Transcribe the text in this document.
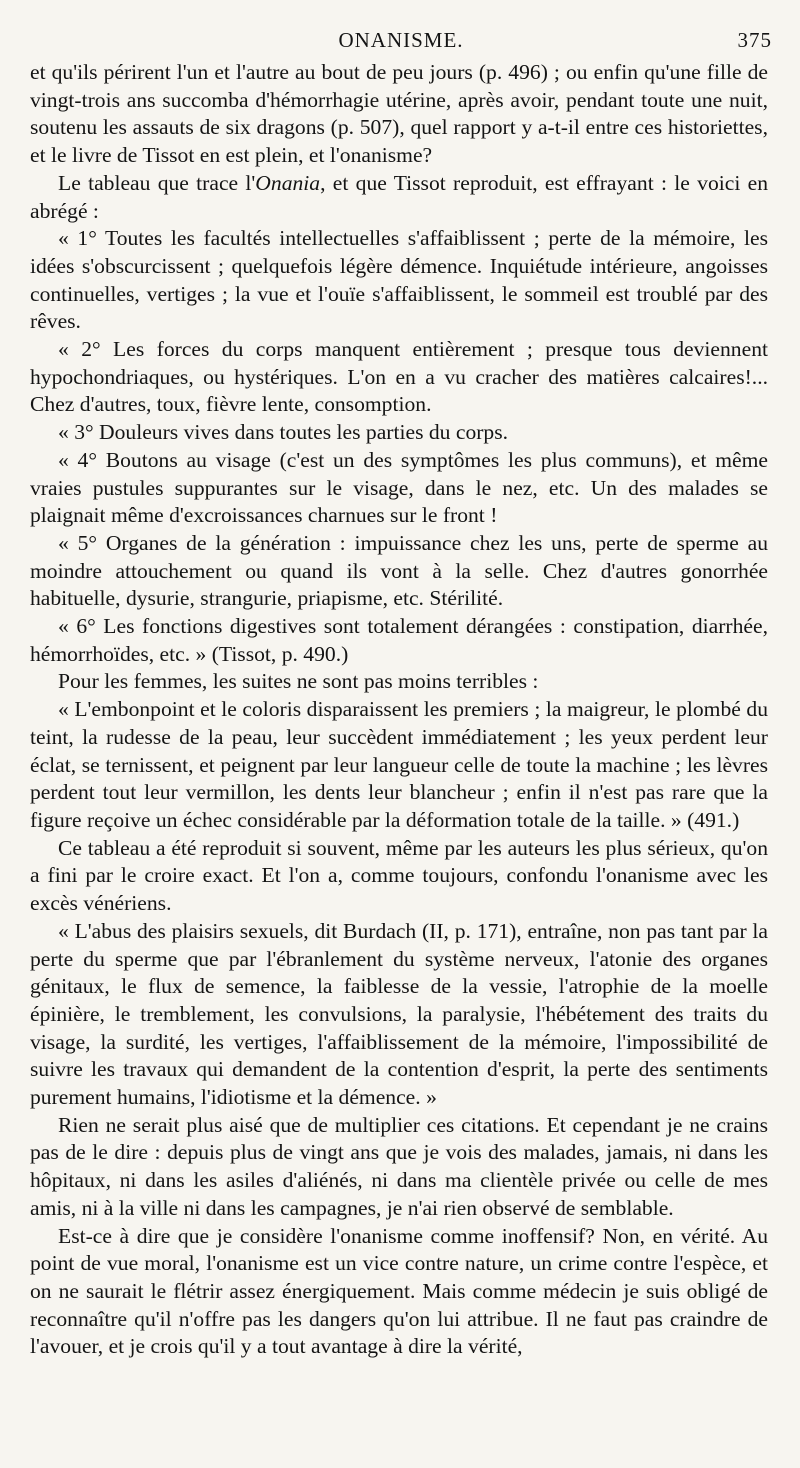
ONANISME.	375

et qu'ils périrent l'un et l'autre au bout de peu jours (p. 496) ; ou enfin qu'une fille de vingt-trois ans succomba d'hémorrhagie utérine, après avoir, pendant toute une nuit, soutenu les assauts de six dragons (p. 507), quel rapport y a-t-il entre ces historiettes, et le livre de Tissot en est plein, et l'onanisme?

Le tableau que trace l'Onania, et que Tissot reproduit, est effrayant : le voici en abrégé :

« 1° Toutes les facultés intellectuelles s'affaiblissent ; perte de la mémoire, les idées s'obscurcissent ; quelquefois légère démence. Inquiétude intérieure, angoisses continuelles, vertiges ; la vue et l'ouïe s'affaiblissent, le sommeil est troublé par des rêves.

« 2° Les forces du corps manquent entièrement ; presque tous deviennent hypochondriaques, ou hystériques. L'on en a vu cracher des matières calcaires!... Chez d'autres, toux, fièvre lente, consomption.

« 3° Douleurs vives dans toutes les parties du corps.

« 4° Boutons au visage (c'est un des symptômes les plus communs), et même vraies pustules suppurantes sur le visage, dans le nez, etc. Un des malades se plaignait même d'excroissances charnues sur le front !

« 5° Organes de la génération : impuissance chez les uns, perte de sperme au moindre attouchement ou quand ils vont à la selle. Chez d'autres gonorrhée habituelle, dysurie, strangurie, priapisme, etc. Stérilité.

« 6° Les fonctions digestives sont totalement dérangées : constipation, diarrhée, hémorrhoïdes, etc. » (Tissot, p. 490.)

Pour les femmes, les suites ne sont pas moins terribles :

« L'embonpoint et le coloris disparaissent les premiers ; la maigreur, le plombé du teint, la rudesse de la peau, leur succèdent immédiatement ; les yeux perdent leur éclat, se ternissent, et peignent par leur langueur celle de toute la machine ; les lèvres perdent tout leur vermillon, les dents leur blancheur ; enfin il n'est pas rare que la figure reçoive un échec considérable par la déformation totale de la taille. » (491.)

Ce tableau a été reproduit si souvent, même par les auteurs les plus sérieux, qu'on a fini par le croire exact. Et l'on a, comme toujours, confondu l'onanisme avec les excès vénériens.

« L'abus des plaisirs sexuels, dit Burdach (II, p. 171), entraîne, non pas tant par la perte du sperme que par l'ébranlement du système nerveux, l'atonie des organes génitaux, le flux de semence, la faiblesse de la vessie, l'atrophie de la moelle épinière, le tremblement, les convulsions, la paralysie, l'hébétement des traits du visage, la surdité, les vertiges, l'affaiblissement de la mémoire, l'impossibilité de suivre les travaux qui demandent de la contention d'esprit, la perte des sentiments purement humains, l'idiotisme et la démence. »

Rien ne serait plus aisé que de multiplier ces citations. Et cependant je ne crains pas de le dire : depuis plus de vingt ans que je vois des malades, jamais, ni dans les hôpitaux, ni dans les asiles d'aliénés, ni dans ma clientèle privée ou celle de mes amis, ni à la ville ni dans les campagnes, je n'ai rien observé de semblable.

Est-ce à dire que je considère l'onanisme comme inoffensif? Non, en vérité. Au point de vue moral, l'onanisme est un vice contre nature, un crime contre l'espèce, et on ne saurait le flétrir assez énergiquement. Mais comme médecin je suis obligé de reconnaître qu'il n'offre pas les dangers qu'on lui attribue. Il ne faut pas craindre de l'avouer, et je crois qu'il y a tout avantage à dire la vérité,
